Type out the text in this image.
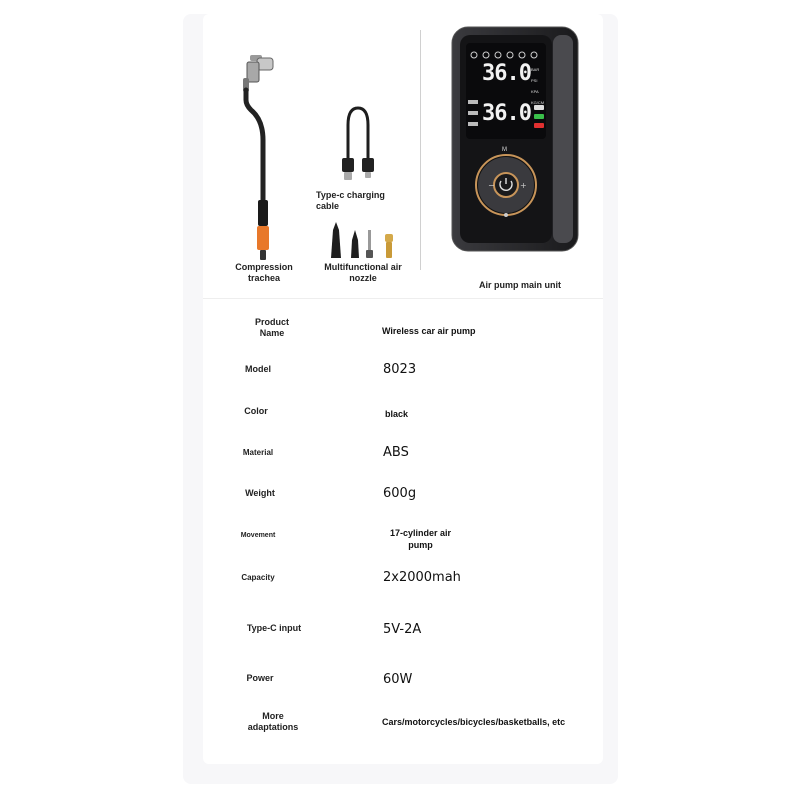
Compression trachea
Type-c charging cable
Multifunctional air nozzle
−	+
36.0
36.0
BAR
PSI
KPA
KG/CM
M
Air pump main unit
Product Name	Wireless car air pump
Model	8023
Color	black
Material	ABS
Weight	600g
Movement	17-cylinder air pump
Capacity	2x2000mah
Type-C input	5V-2A
Power	60W
More adaptations	Cars/motorcycles/bicycles/basketballs, etc
